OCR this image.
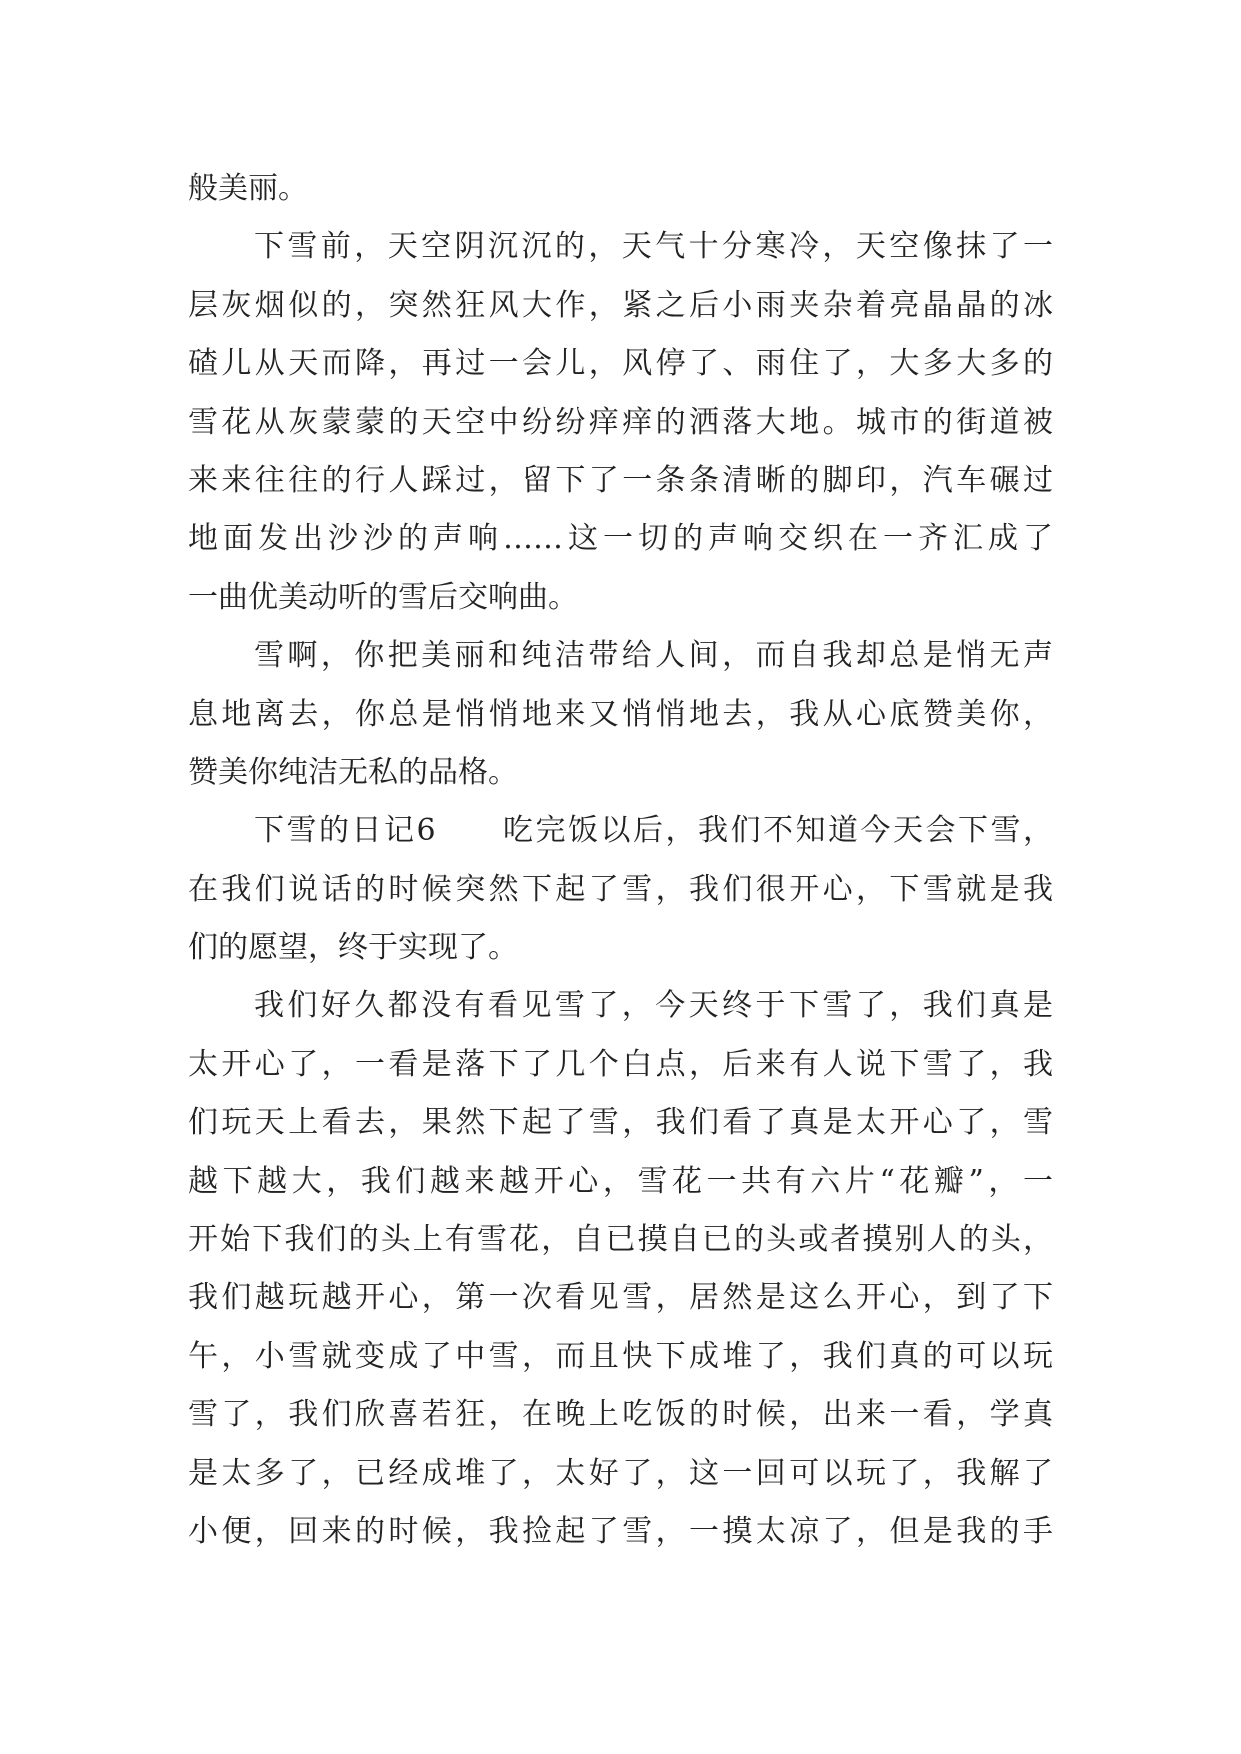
般美丽。
下雪前，天空阴沉沉的，天气十分寒冷，天空像抹了一
层灰烟似的，突然狂风大作，紧之后小雨夹杂着亮晶晶的冰
碴儿从天而降，再过一会儿，风停了、雨住了，大多大多的
雪花从灰蒙蒙的天空中纷纷痒痒的洒落大地。城市的街道被
来来往往的行人踩过，留下了一条条清晰的脚印，汽车碾过
地面发出沙沙的声响……这一切的声响交织在一齐汇成了
一曲优美动听的雪后交响曲。
雪啊，你把美丽和纯洁带给人间，而自我却总是悄无声
息地离去，你总是悄悄地来又悄悄地去，我从心底赞美你，
赞美你纯洁无私的品格。
下雪的日记6　　吃完饭以后，我们不知道今天会下雪，
在我们说话的时候突然下起了雪，我们很开心，下雪就是我
们的愿望，终于实现了。
我们好久都没有看见雪了，今天终于下雪了，我们真是
太开心了，一看是落下了几个白点，后来有人说下雪了，我
们玩天上看去，果然下起了雪，我们看了真是太开心了，雪
越下越大，我们越来越开心，雪花一共有六片“花瓣”，一
开始下我们的头上有雪花，自已摸自已的头或者摸别人的头，
我们越玩越开心，第一次看见雪，居然是这么开心，到了下
午，小雪就变成了中雪，而且快下成堆了，我们真的可以玩
雪了，我们欣喜若狂，在晚上吃饭的时候，出来一看，学真
是太多了，已经成堆了，太好了，这一回可以玩了，我解了
小便，回来的时候，我捡起了雪，一摸太凉了，但是我的手
